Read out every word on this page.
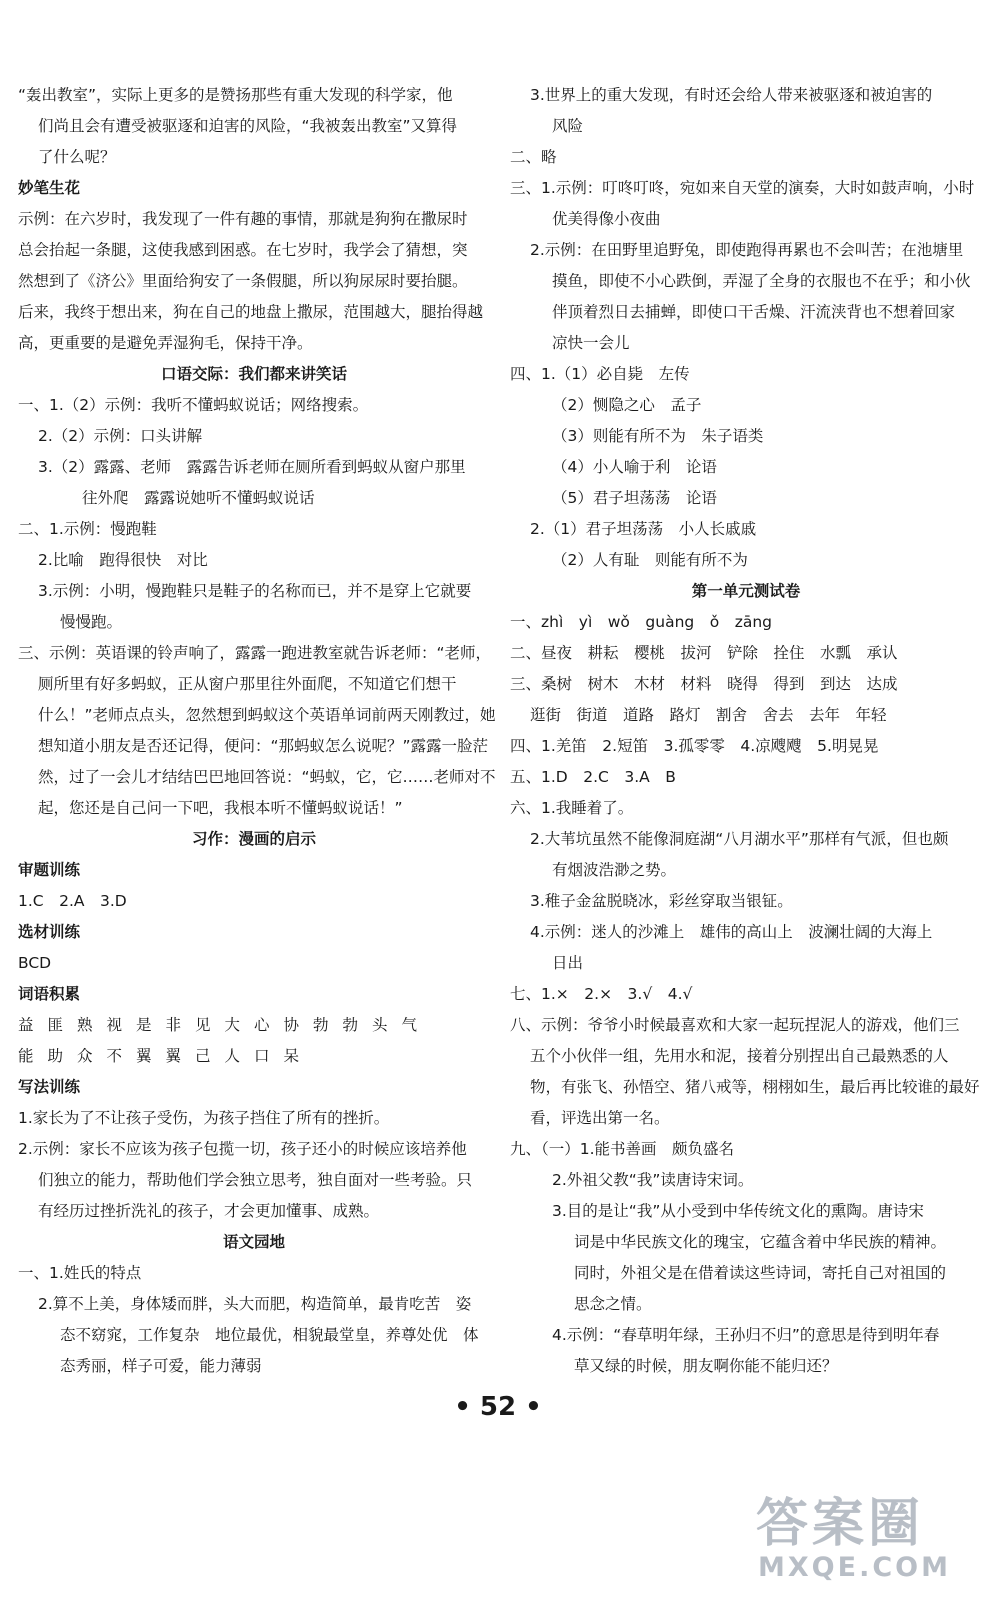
“轰出教室”，实际上更多的是赞扬那些有重大发现的科学家，他
们尚且会有遭受被驱逐和迫害的风险，“我被轰出教室”又算得
了什么呢？
妙笔生花
示例：在六岁时，我发现了一件有趣的事情，那就是狗狗在撒尿时
总会抬起一条腿，这使我感到困惑。在七岁时，我学会了猜想，突
然想到了《济公》里面给狗安了一条假腿，所以狗尿尿时要抬腿。
后来，我终于想出来，狗在自己的地盘上撒尿，范围越大，腿抬得越
高，更重要的是避免弄湿狗毛，保持干净。
口语交际：我们都来讲笑话
一、1.（2）示例：我听不懂蚂蚁说话；网络搜索。
2.（2）示例：口头讲解
3.（2）露露、老师　露露告诉老师在厕所看到蚂蚁从窗户那里
往外爬　露露说她听不懂蚂蚁说话
二、1.示例：慢跑鞋
2.比喻　跑得很快　对比
3.示例：小明，慢跑鞋只是鞋子的名称而已，并不是穿上它就要
慢慢跑。
三、示例：英语课的铃声响了，露露一跑进教室就告诉老师：“老师，
厕所里有好多蚂蚁，正从窗户那里往外面爬，不知道它们想干
什么！”老师点点头，忽然想到蚂蚁这个英语单词前两天刚教过，她
想知道小朋友是否还记得，便问：“那蚂蚁怎么说呢？”露露一脸茫
然，过了一会儿才结结巴巴地回答说：“蚂蚁，它，它……老师对不
起，您还是自己问一下吧，我根本听不懂蚂蚁说话！”
习作：漫画的启示
审题训练
1.C　2.A　3.D
选材训练
BCD
词语积累
益匪熟视是非见大心协勃勃头气
能助众不翼翼己人口呆
写法训练
1.家长为了不让孩子受伤，为孩子挡住了所有的挫折。
2.示例：家长不应该为孩子包揽一切，孩子还小的时候应该培养他
们独立的能力，帮助他们学会独立思考，独自面对一些考验。只
有经历过挫折洗礼的孩子，才会更加懂事、成熟。
语文园地
一、1.姓氏的特点
2.算不上美，身体矮而胖，头大而肥，构造简单，最肯吃苦　姿
态不窈窕，工作复杂　地位最优，相貌最堂皇，养尊处优　体
态秀丽，样子可爱，能力薄弱
3.世界上的重大发现，有时还会给人带来被驱逐和被迫害的
风险
二、略
三、1.示例：叮咚叮咚，宛如来自天堂的演奏，大时如鼓声响，小时
优美得像小夜曲
2.示例：在田野里追野兔，即使跑得再累也不会叫苦；在池塘里
摸鱼，即使不小心跌倒，弄湿了全身的衣服也不在乎；和小伙
伴顶着烈日去捕蝉，即使口干舌燥、汗流浃背也不想着回家
凉快一会儿
四、1.（1）必自毙　左传
（2）恻隐之心　孟子
（3）则能有所不为　朱子语类
（4）小人喻于利　论语
（5）君子坦荡荡　论语
2.（1）君子坦荡荡　小人长戚戚
（2）人有耻　则能有所不为
第一单元测试卷
一、zhì　yì　wǒ　guàng　ǒ　zāng
二、昼夜　耕耘　樱桃　拔河　铲除　拴住　水瓢　承认
三、桑树　树木　木材　材料　晓得　得到　到达　达成
逛街　街道　道路　路灯　割舍　舍去　去年　年轻
四、1.羌笛　2.短笛　3.孤零零　4.凉飕飕　5.明晃晃
五、1.D　2.C　3.A　B
六、1.我睡着了。
2.大苇坑虽然不能像洞庭湖“八月湖水平”那样有气派，但也颇
有烟波浩渺之势。
3.稚子金盆脱晓冰，彩丝穿取当银钲。
4.示例：迷人的沙滩上　雄伟的高山上　波澜壮阔的大海上
日出
七、1.×　2.×　3.√　4.√
八、示例：爷爷小时候最喜欢和大家一起玩捏泥人的游戏，他们三
五个小伙伴一组，先用水和泥，接着分别捏出自己最熟悉的人
物，有张飞、孙悟空、猪八戒等，栩栩如生，最后再比较谁的最好
看，评选出第一名。
九、（一）1.能书善画　颇负盛名
2.外祖父教“我”读唐诗宋词。
3.目的是让“我”从小受到中华传统文化的熏陶。唐诗宋
词是中华民族文化的瑰宝，它蕴含着中华民族的精神。
同时，外祖父是在借着读这些诗词，寄托自己对祖国的
思念之情。
4.示例：“春草明年绿，王孙归不归”的意思是待到明年春
草又绿的时候，朋友啊你能不能归还？
• 52 •
答案圈
MXQE.COM
